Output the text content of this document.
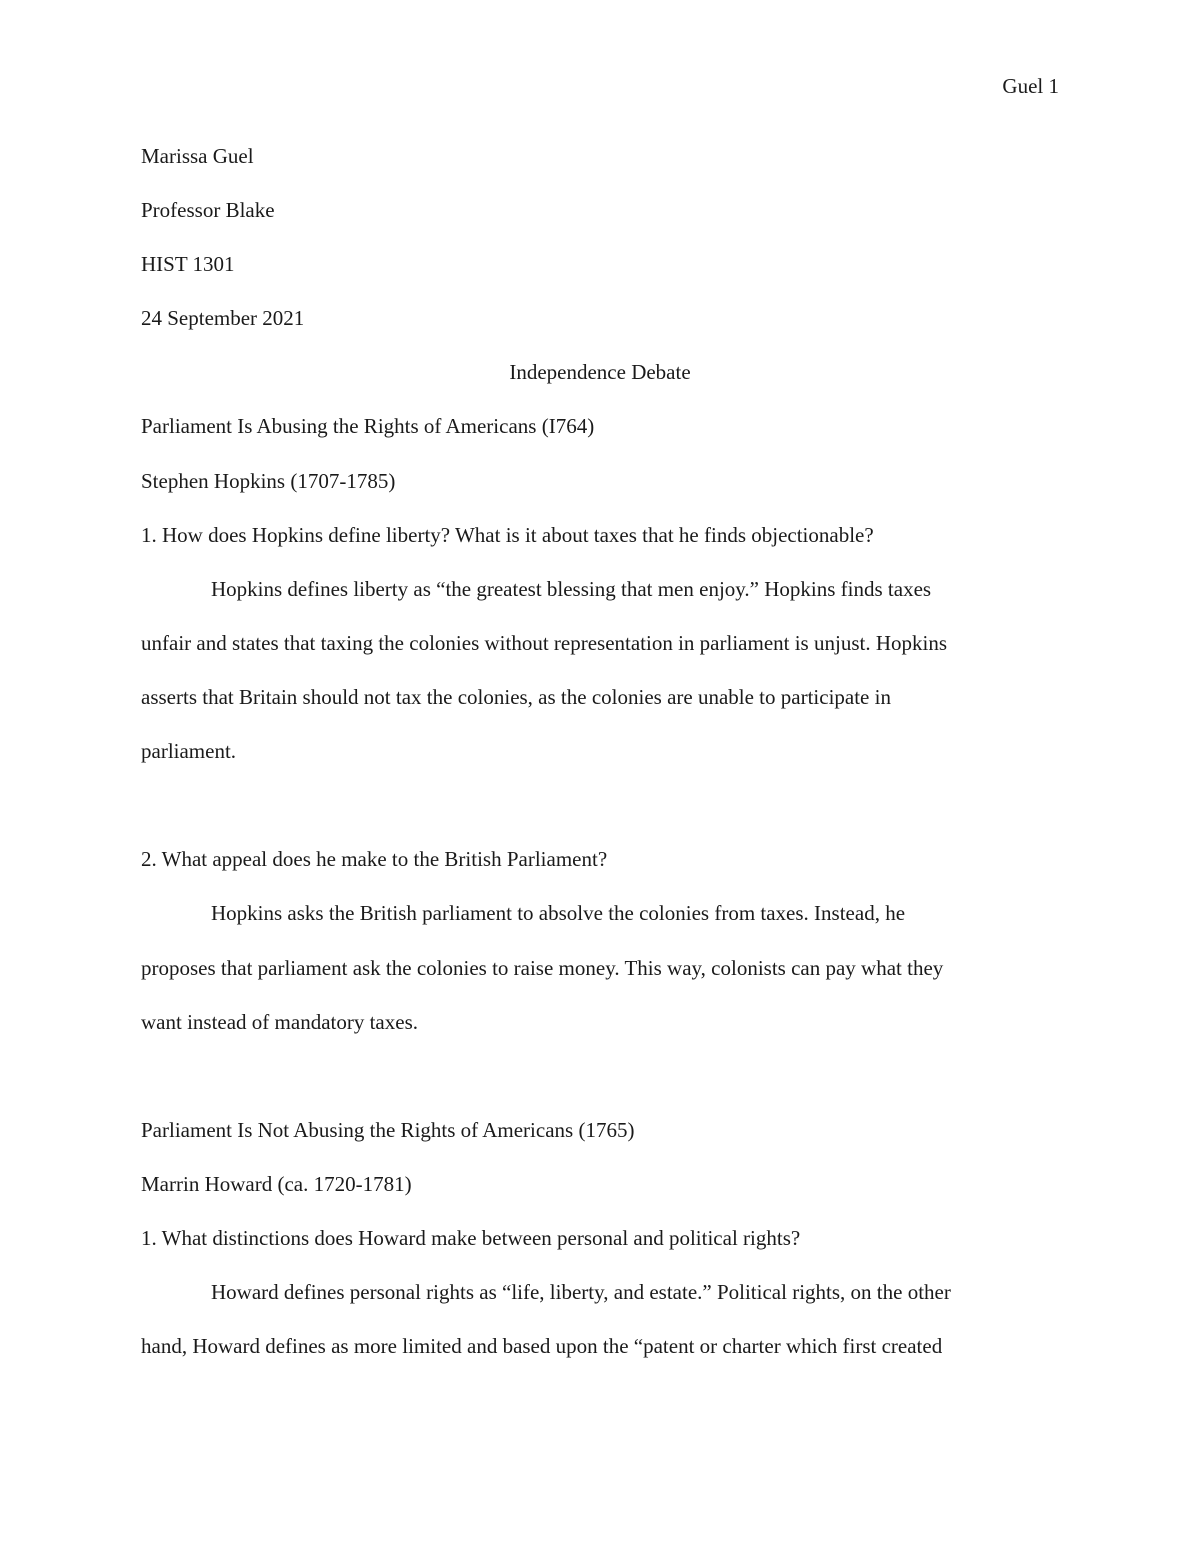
Guel 1
Marissa Guel
Professor Blake
HIST 1301
24 September 2021
Independence Debate
Parliament Is Abusing the Rights of Americans (I764)
Stephen Hopkins (1707-1785)
1. How does Hopkins define liberty? What is it about taxes that he finds objectionable?
Hopkins defines liberty as “the greatest blessing that men enjoy.” Hopkins finds taxes
unfair and states that taxing the colonies without representation in parliament is unjust. Hopkins
asserts that Britain should not tax the colonies, as the colonies are unable to participate in
parliament.
2. What appeal does he make to the British Parliament?
Hopkins asks the British parliament to absolve the colonies from taxes. Instead, he
proposes that parliament ask the colonies to raise money. This way, colonists can pay what they
want instead of mandatory taxes.
Parliament Is Not Abusing the Rights of Americans (1765)
Marrin Howard (ca. 1720-1781)
1. What distinctions does Howard make between personal and political rights?
Howard defines personal rights as “life, liberty, and estate.” Political rights, on the other
hand, Howard defines as more limited and based upon the “patent or charter which first created
